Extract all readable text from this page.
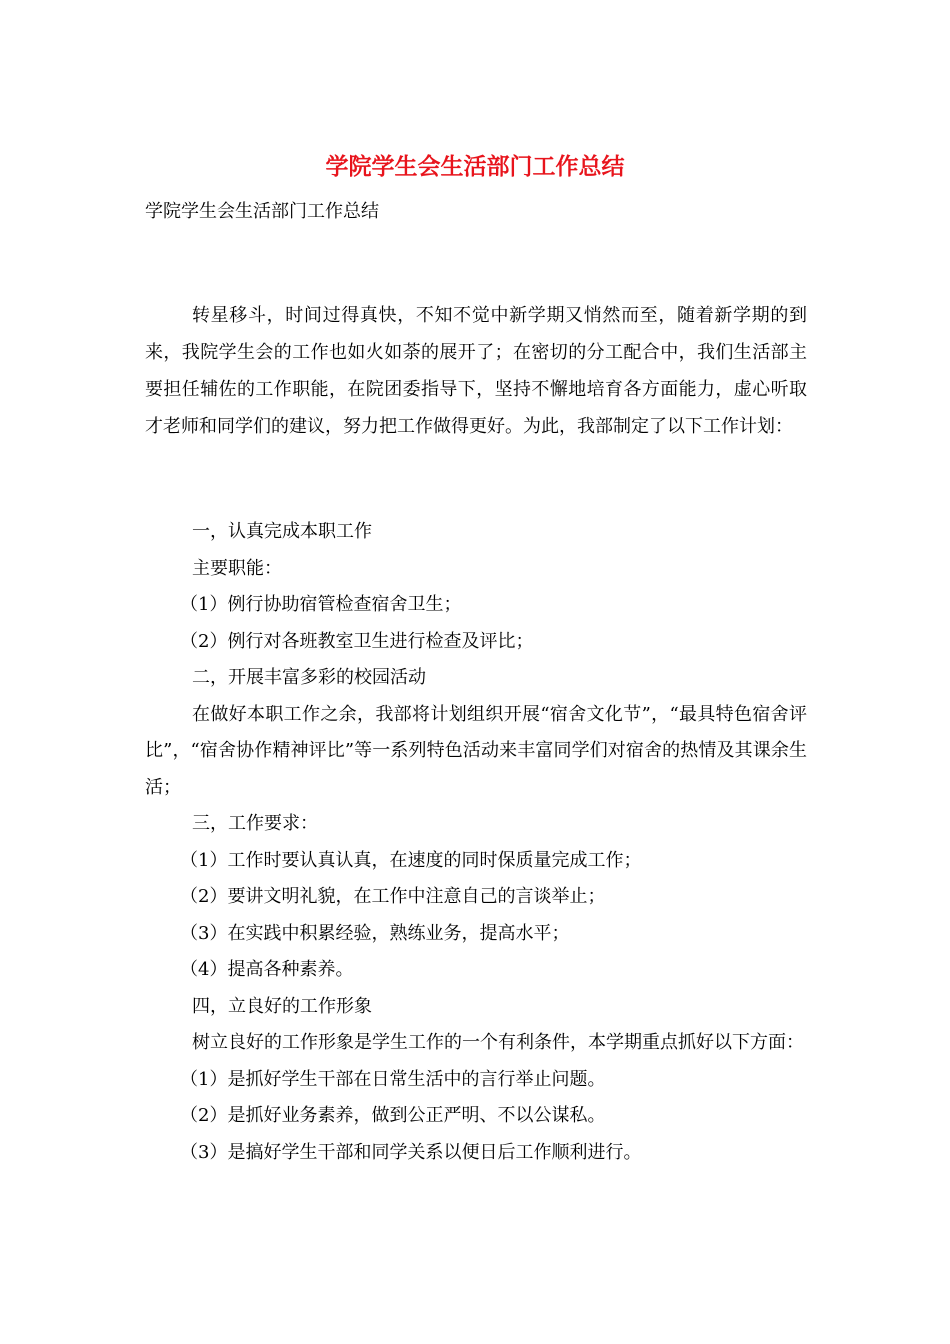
学院学生会生活部门工作总结
学院学生会生活部门工作总结

转星移斗，时间过得真快，不知不觉中新学期又悄然而至，随着新学期的到来，我院学生会的工作也如火如荼的展开了；在密切的分工配合中，我们生活部主要担任辅佐的工作职能，在院团委指导下，坚持不懈地培育各方面能力，虚心听取才老师和同学们的建议，努力把工作做得更好。为此，我部制定了以下工作计划：

一，认真完成本职工作

主要职能：

（1）例行协助宿管检查宿舍卫生；

（2）例行对各班教室卫生进行检查及评比；

二，开展丰富多彩的校园活动

在做好本职工作之余，我部将计划组织开展“宿舍文化节”，“最具特色宿舍评比”，“宿舍协作精神评比”等一系列特色活动来丰富同学们对宿舍的热情及其课余生活；

三，工作要求：

（1）工作时要认真认真，在速度的同时保质量完成工作；

（2）要讲文明礼貌，在工作中注意自己的言谈举止；

（3）在实践中积累经验，熟练业务，提高水平；

（4）提高各种素养。

四，立良好的工作形象

树立良好的工作形象是学生工作的一个有利条件，本学期重点抓好以下方面：

（1）是抓好学生干部在日常生活中的言行举止问题。

（2）是抓好业务素养，做到公正严明、不以公谋私。

（3）是搞好学生干部和同学关系以便日后工作顺利进行。
